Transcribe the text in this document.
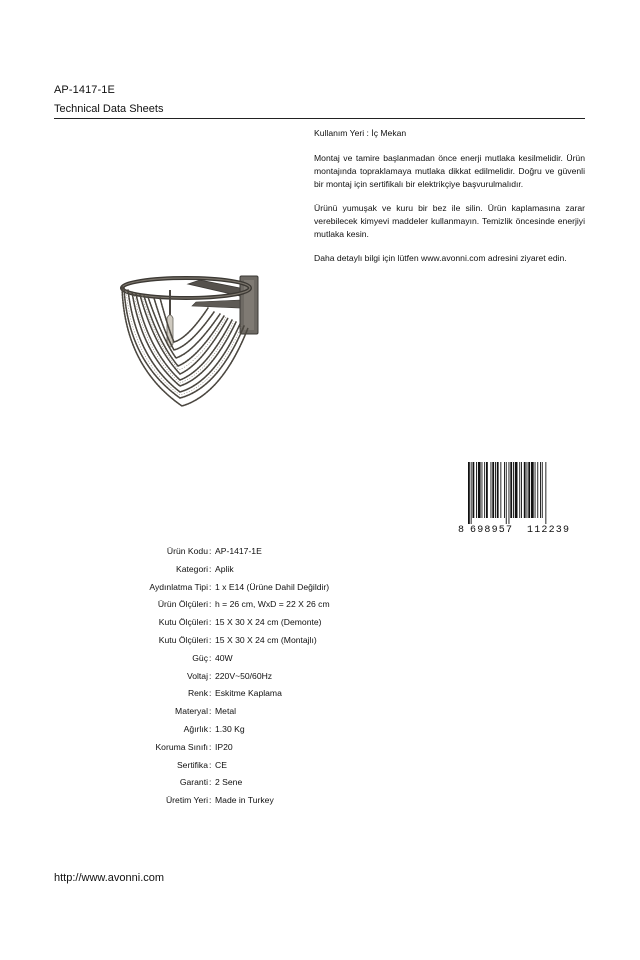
AP-1417-1E
Technical Data Sheets

Kullanım Yeri : İç Mekan

Montaj ve tamire başlanmadan önce enerji mutlaka kesilmelidir. Ürün montajında topraklamaya mutlaka dikkat edilmelidir. Doğru ve güvenli bir montaj için sertifikalı bir elektrikçiye başvurulmalıdır.

Ürünü yumuşak ve kuru bir bez ile silin. Ürün kaplamasına zarar verebilecek kimyevi maddeler kullanmayın. Temizlik öncesinde enerjiyi mutlaka kesin.

Daha detaylı bilgi için lütfen www.avonni.com adresini ziyaret edin.

8 698957 112239
Ürün Kodu : AP-1417-1E
Kategori : Aplik
Aydınlatma Tipi : 1 x E14 (Ürüne Dahil Değildir)
Ürün Ölçüleri : h = 26 cm, WxD = 22 X 26 cm
Kutu Ölçüleri : 15 X 30 X 24 cm (Demonte)
Kutu Ölçüleri : 15 X 30 X 24 cm (Montajlı)
Güç : 40W
Voltaj : 220V~50/60Hz
Renk : Eskitme Kaplama
Materyal : Metal
Ağırlık : 1.30 Kg
Koruma Sınıfı : IP20
Sertifika : CE
Garanti : 2 Sene
Üretim Yeri : Made in Turkey
http://www.avonni.com
